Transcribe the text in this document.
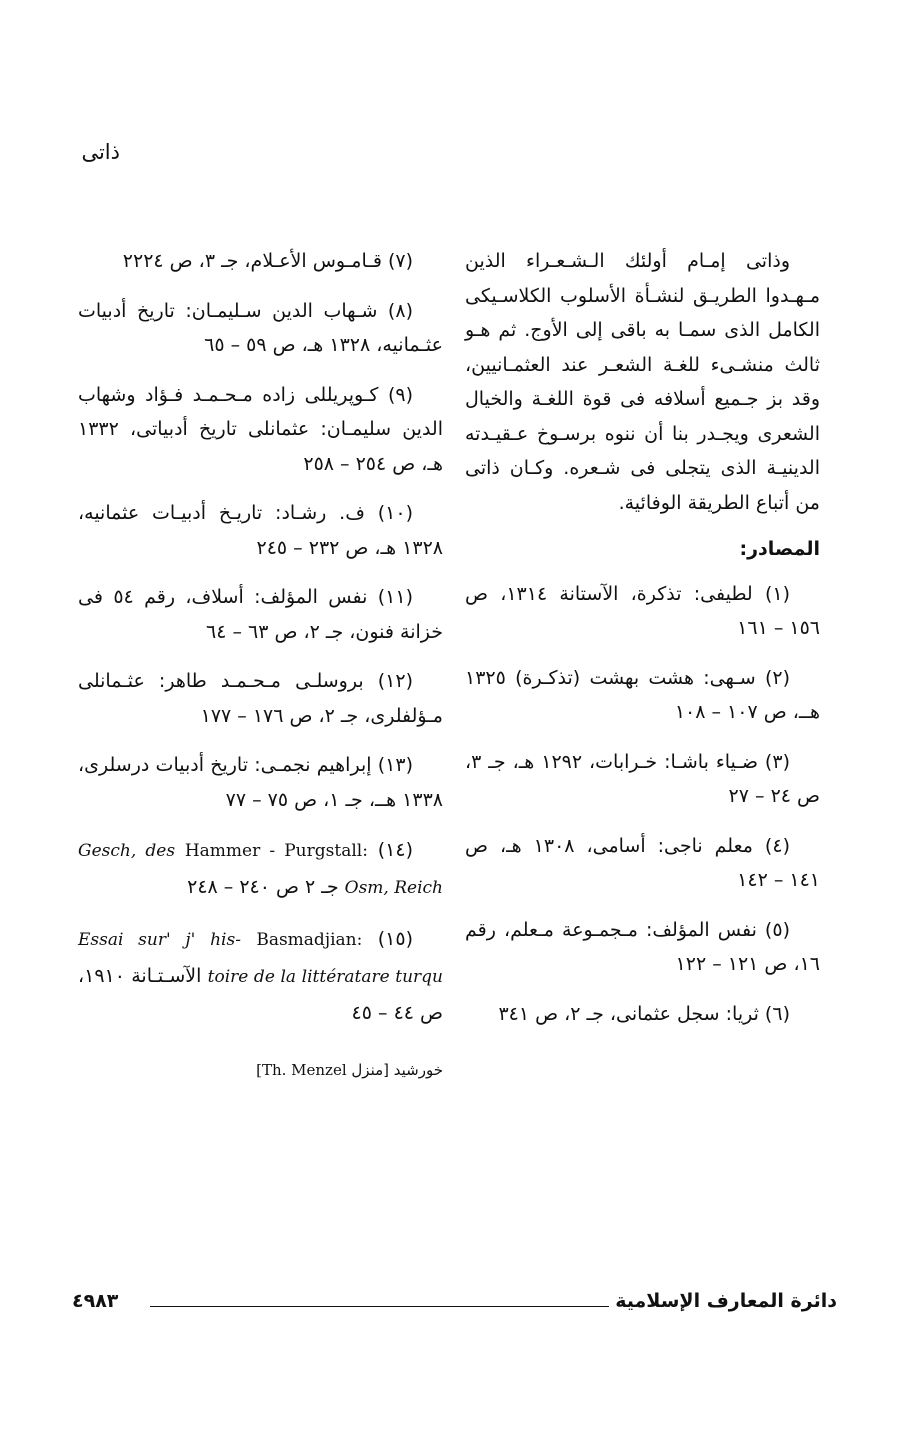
ذاتى

وذاتى إمـام أولئك الـشـعـراء الذين مـهـدوا الطريـق لنشـأة الأسلوب الكلاسـيكى الكامل الذى سمـا به باقى إلى الأوج. ثم هـو ثالث منشـىء للغـة الشعـر عند العثمـانيين، وقد بز جـميع أسلافه فى قوة اللغـة والخيال الشعرى ويجـدر بنا أن ننوه برسـوخ عـقيـدته الدينيـة الذى يتجلى فى شـعره. وكـان ذاتى من أتباع الطريقة الوفائية.

المصادر:

(١) لطيفى: تذكرة، الآستانة ١٣١٤، ص ١٥٦ – ١٦١

(٢) سـهى: هشت بهشت (تذكـرة) ١٣٢٥ هــ، ص ١٠٧ – ١٠٨

(٣) ضـياء باشـا: خـرابات، ١٢٩٢ هـ، جـ ٣، ص ٢٤ – ٢٧

(٤) معلم ناجى: أسامى، ١٣٠٨ هـ، ص ١٤١ – ١٤٢

(٥) نفس المؤلف: مـجمـوعة مـعلم، رقم ١٦، ص ١٢١ – ١٢٢

(٦) ثريا: سجل عثمانى، جـ ٢، ص ٣٤١

(٧) قـامـوس الأعـلام، جـ ٣، ص ٢٢٢٤

(٨) شـهاب الدين سـليمـان: تاريخ أدبيات عثـمانيه، ١٣٢٨ هـ، ص ٥٩ – ٦٥

(٩) كـوپريللى زاده مـحـمـد فـؤاد وشهاب الدين سليمـان: عثمانلى تاريخ أدبياتى، ١٣٣٢ هـ، ص ٢٥٤ – ٢٥٨

(١٠) ف. رشـاد: تاريـخ أدبيـات عثمانيه، ١٣٢٨ هـ، ص ٢٣٢ – ٢٤٥

(١١) نفس المؤلف: أسلاف، رقم ٥٤ فى خزانة فنون، جـ ٢، ص ٦٣ – ٦٤

(١٢) بروسلـى مـحـمـد طاهر: عثـمانلى مـؤلفلرى، جـ ٢، ص ١٧٦ – ١٧٧

(١٣) إبراهيم نجمـى: تاريخ أدبيات درسلرى، ١٣٣٨ هــ، جـ ١، ص ٧٥ – ٧٧

(١٤) Hammer - Purgstall: Gesch, des Osm, Reich جـ ٢ ص ٢٤٠ – ٢٤٨

(١٥) Basmadjian: Essai sur' j' his- toire de la littératare turqu الآسـتـانة ١٩١٠، ص ٤٤ – ٤٥

خورشيد [منزل Th. Menzel]

دائرة المعارف الإسلامية
٤٩٨٣
